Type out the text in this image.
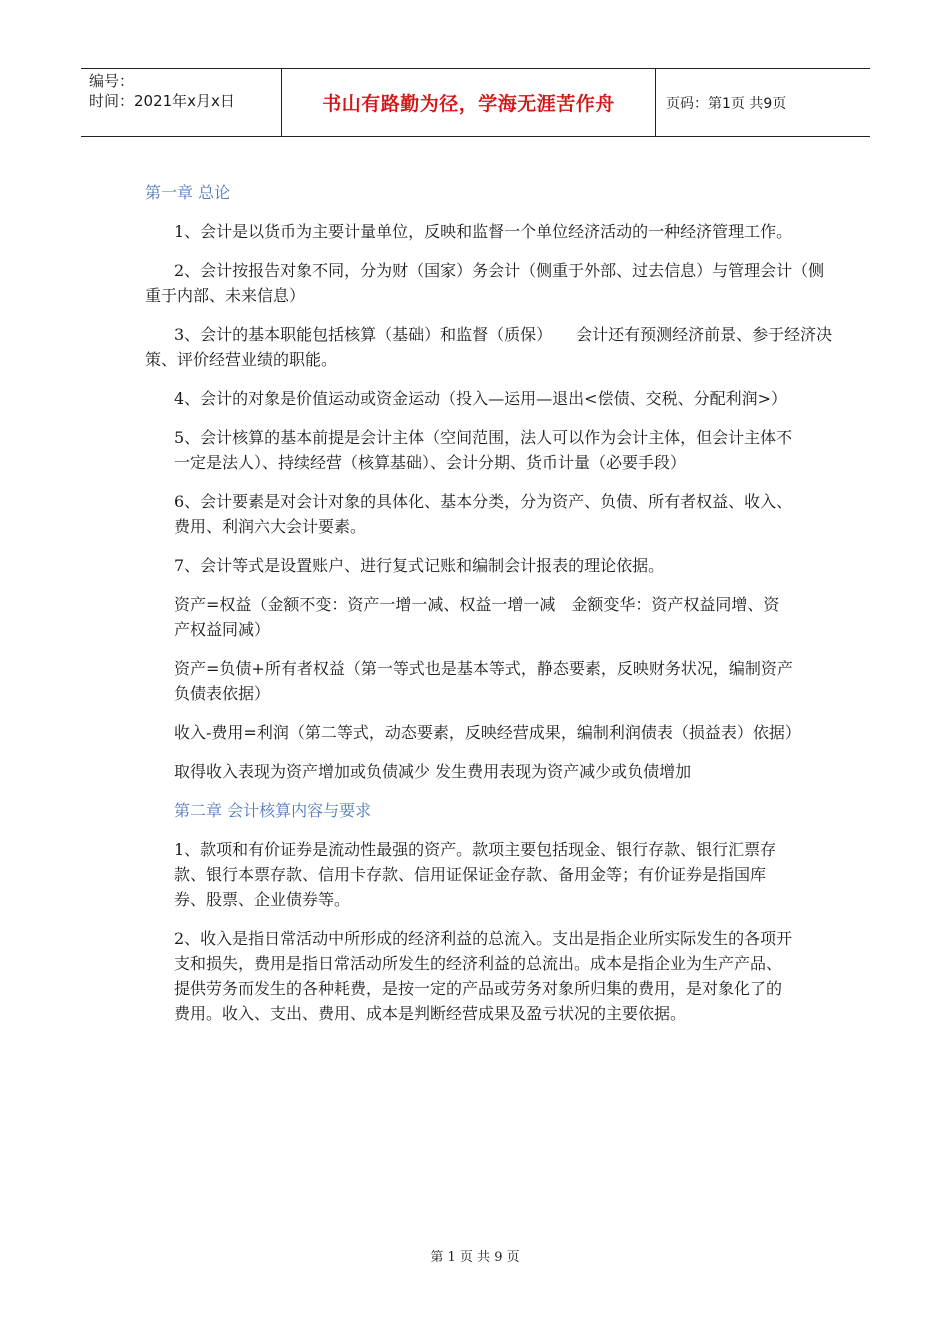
编号：
时间：2021年x月x日	书山有路勤为径，学海无涯苦作舟	页码：第1页 共9页
第一章 总论
1、会计是以货币为主要计量单位，反映和监督一个单位经济活动的一种经济管理工作。
2、会计按报告对象不同，分为财（国家）务会计（侧重于外部、过去信息）与管理会计（侧重于内部、未来信息）
3、会计的基本职能包括核算（基础）和监督（质保）　　会计还有预测经济前景、参于经济决策、评价经营业绩的职能。
4、会计的对象是价值运动或资金运动（投入—运用—退出<偿债、交税、分配利润>）
5、会计核算的基本前提是会计主体（空间范围，法人可以作为会计主体，但会计主体不一定是法人）、持续经营（核算基础）、会计分期、货币计量（必要手段）
6、会计要素是对会计对象的具体化、基本分类，分为资产、负债、所有者权益、收入、费用、利润六大会计要素。
7、会计等式是设置账户、进行复式记账和编制会计报表的理论依据。
资产=权益（金额不变：资产一增一减、权益一增一减　金额变华：资产权益同增、资产权益同减）
资产=负债+所有者权益（第一等式也是基本等式，静态要素，反映财务状况，编制资产负债表依据）
收入-费用=利润（第二等式，动态要素，反映经营成果，编制利润债表（损益表）依据）
取得收入表现为资产增加或负债减少 发生费用表现为资产减少或负债增加
第二章 会计核算内容与要求
1、款项和有价证券是流动性最强的资产。款项主要包括现金、银行存款、银行汇票存款、银行本票存款、信用卡存款、信用证保证金存款、备用金等；有价证券是指国库券、股票、企业债券等。
2、收入是指日常活动中所形成的经济利益的总流入。支出是指企业所实际发生的各项开支和损失，费用是指日常活动所发生的经济利益的总流出。成本是指企业为生产产品、提供劳务而发生的各种耗费，是按一定的产品或劳务对象所归集的费用，是对象化了的费用。收入、支出、费用、成本是判断经营成果及盈亏状况的主要依据。
第 1 页 共 9 页
